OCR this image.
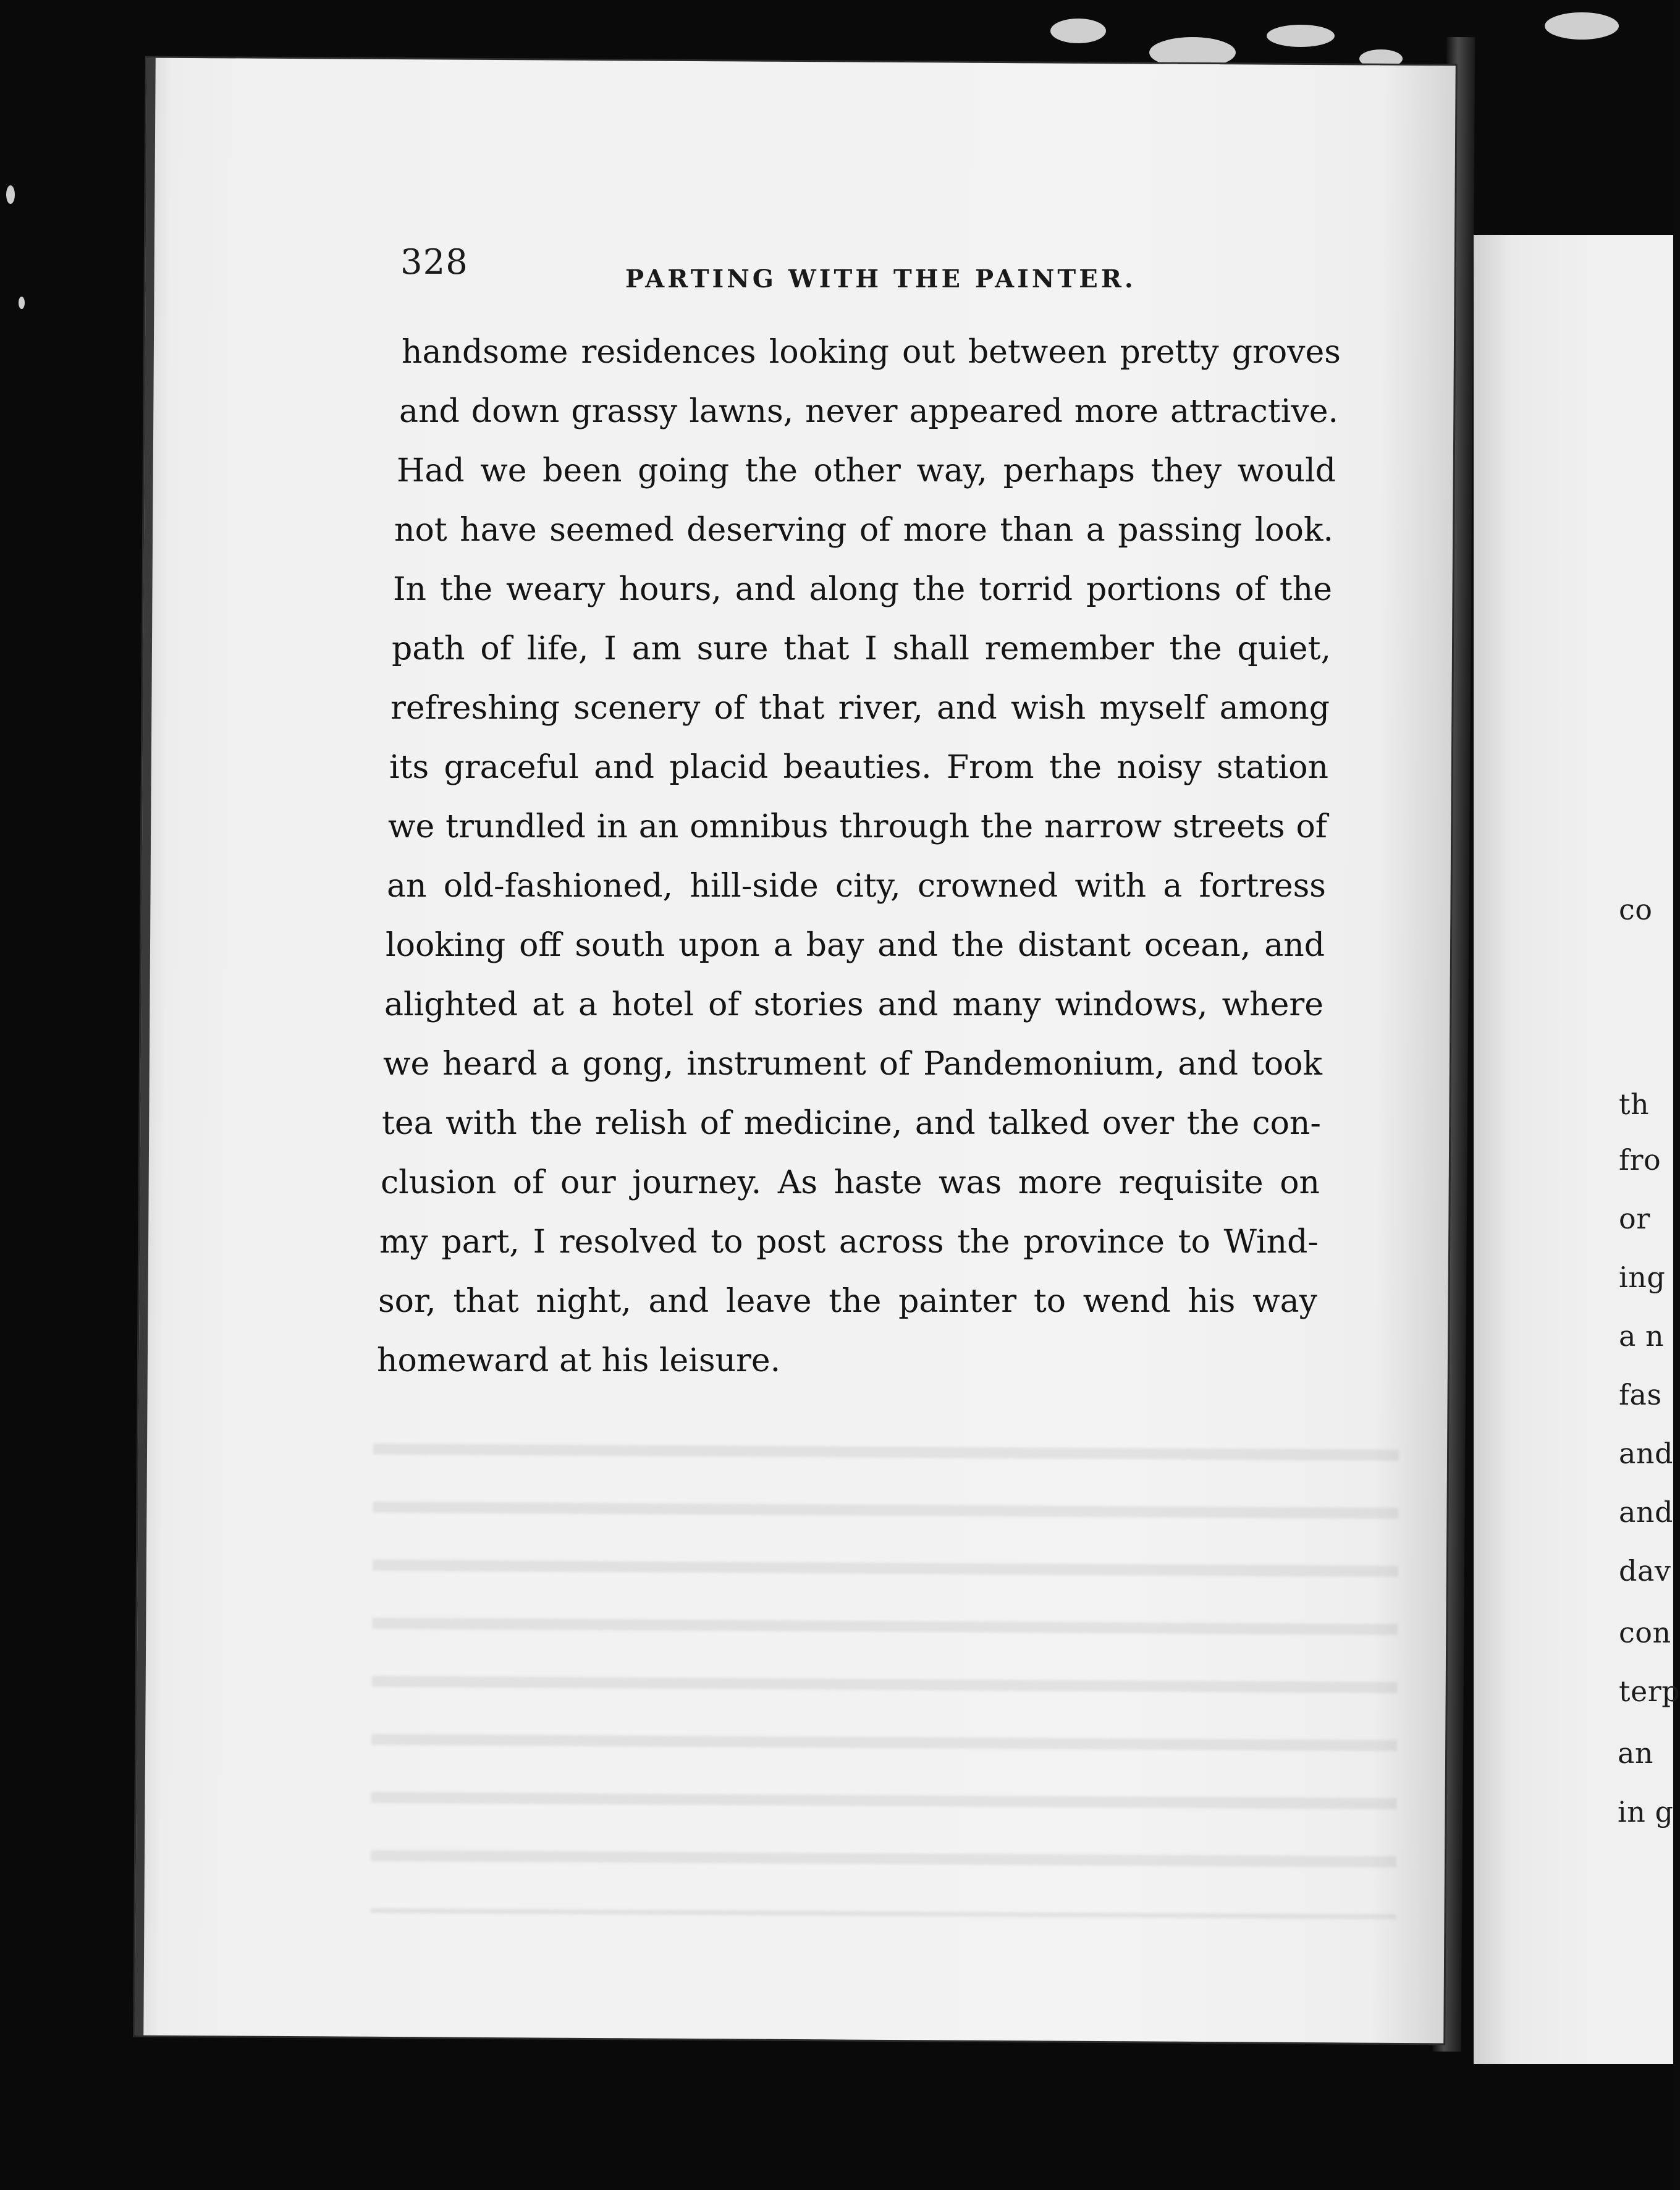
co
th
fro
or
ing
a n
fas
and
and
dav
con
terp
an
in g
328	PARTING WITH THE PAINTER.
handsome residences looking out between pretty groves
and down grassy lawns, never appeared more attractive.
Had we been going the other way, perhaps they would
not have seemed deserving of more than a passing look.
In the weary hours, and along the torrid portions of the
path of life, I am sure that I shall remember the quiet,
refreshing scenery of that river, and wish myself among
its graceful and placid beauties. From the noisy station
we trundled in an omnibus through the narrow streets of
an old-fashioned, hill-side city, crowned with a fortress
looking off south upon a bay and the distant ocean, and
alighted at a hotel of stories and many windows, where
we heard a gong, instrument of Pandemonium, and took
tea with the relish of medicine, and talked over the con-
clusion of our journey. As haste was more requisite on
my part, I resolved to post across the province to Wind-
sor, that night, and leave the painter to wend his way
homeward at his leisure.
